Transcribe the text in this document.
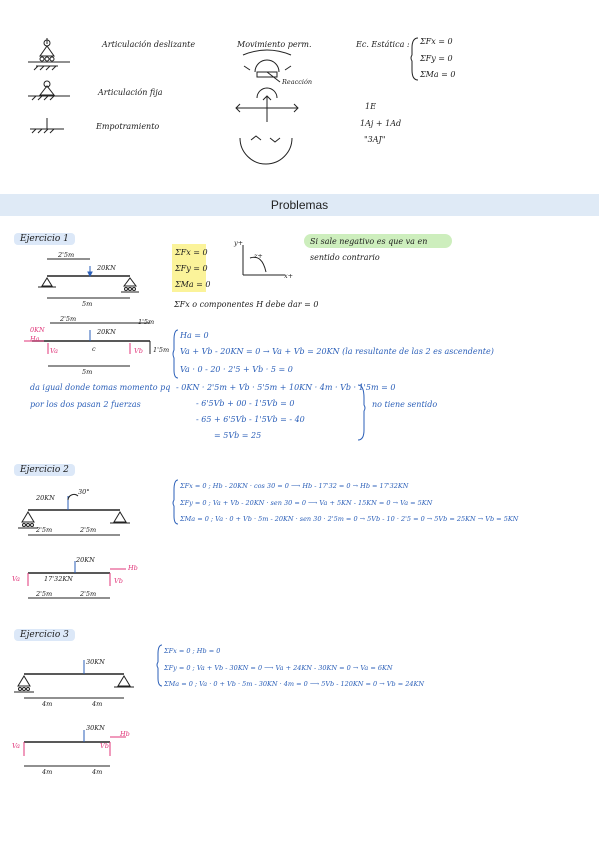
Articulación deslizante
Articulación fija
Empotramiento
Movimiento perm.
Reacción
Ec. Estática : ΣFx = 0
ΣFy = 0
ΣMa = 0
1E
1Aj + 1Ad
"3AJ"
Problemas
Ejercicio 1
2'5m
20KN
5m
ΣFx = 0
ΣFy = 0
ΣMa = 0
y+
x+
z+
Si sale negativo es que va en
sentido contrario
ΣFx o componentes H debe dar = 0
0KN
Ha
Va	Vb
2'5m	1'5m
20KN
c	1'5m
5m
Ha = 0
Va + Vb - 20KN = 0 → Va + Vb = 20KN (la resultante de las 2 es ascendente)
Va · 0 - 20 · 2'5 + Vb · 5 = 0
da igual donde tomas momento pq
por los dos pasan 2 fuerzas
- 0KN · 2'5m + Vb · 5'5m + 10KN · 4m · Vb · 1'5m = 0
- 6'5Vb + 00 - 1'5Vb = 0
- 65 + 6'5Vb - 1'5Vb = - 40
= 5Vb = 25
no tiene sentido
Ejercicio 2
20KN
30°
2'5m	2'5m
20KN
17'32KN
Va	Vb
Hb
2'5m	2'5m
ΣFx = 0 ; Hb - 20KN · cos 30 = 0 ⟶ Hb - 17'32 = 0 → Hb = 17'32KN
ΣFy = 0 ; Va + Vb - 20KN · sen 30 = 0 ⟶ Va + 5KN - 15KN = 0 → Va = 5KN
ΣMa = 0 ; Va · 0 + Vb · 5m - 20KN · sen 30 · 2'5m = 0 → 5Vb - 10 · 2'5 = 0 → 5Vb = 25KN → Vb = 5KN
Ejercicio 3
30KN
4m	4m
30KN
Va	Vb
Hb
4m	4m
ΣFx = 0 ; Hb = 0
ΣFy = 0 ; Va + Vb - 30KN = 0 ⟶ Va + 24KN - 30KN = 0 → Va = 6KN
ΣMa = 0 ; Va · 0 + Vb · 5m - 30KN · 4m = 0 ⟶ 5Vb - 120KN = 0 → Vb = 24KN
